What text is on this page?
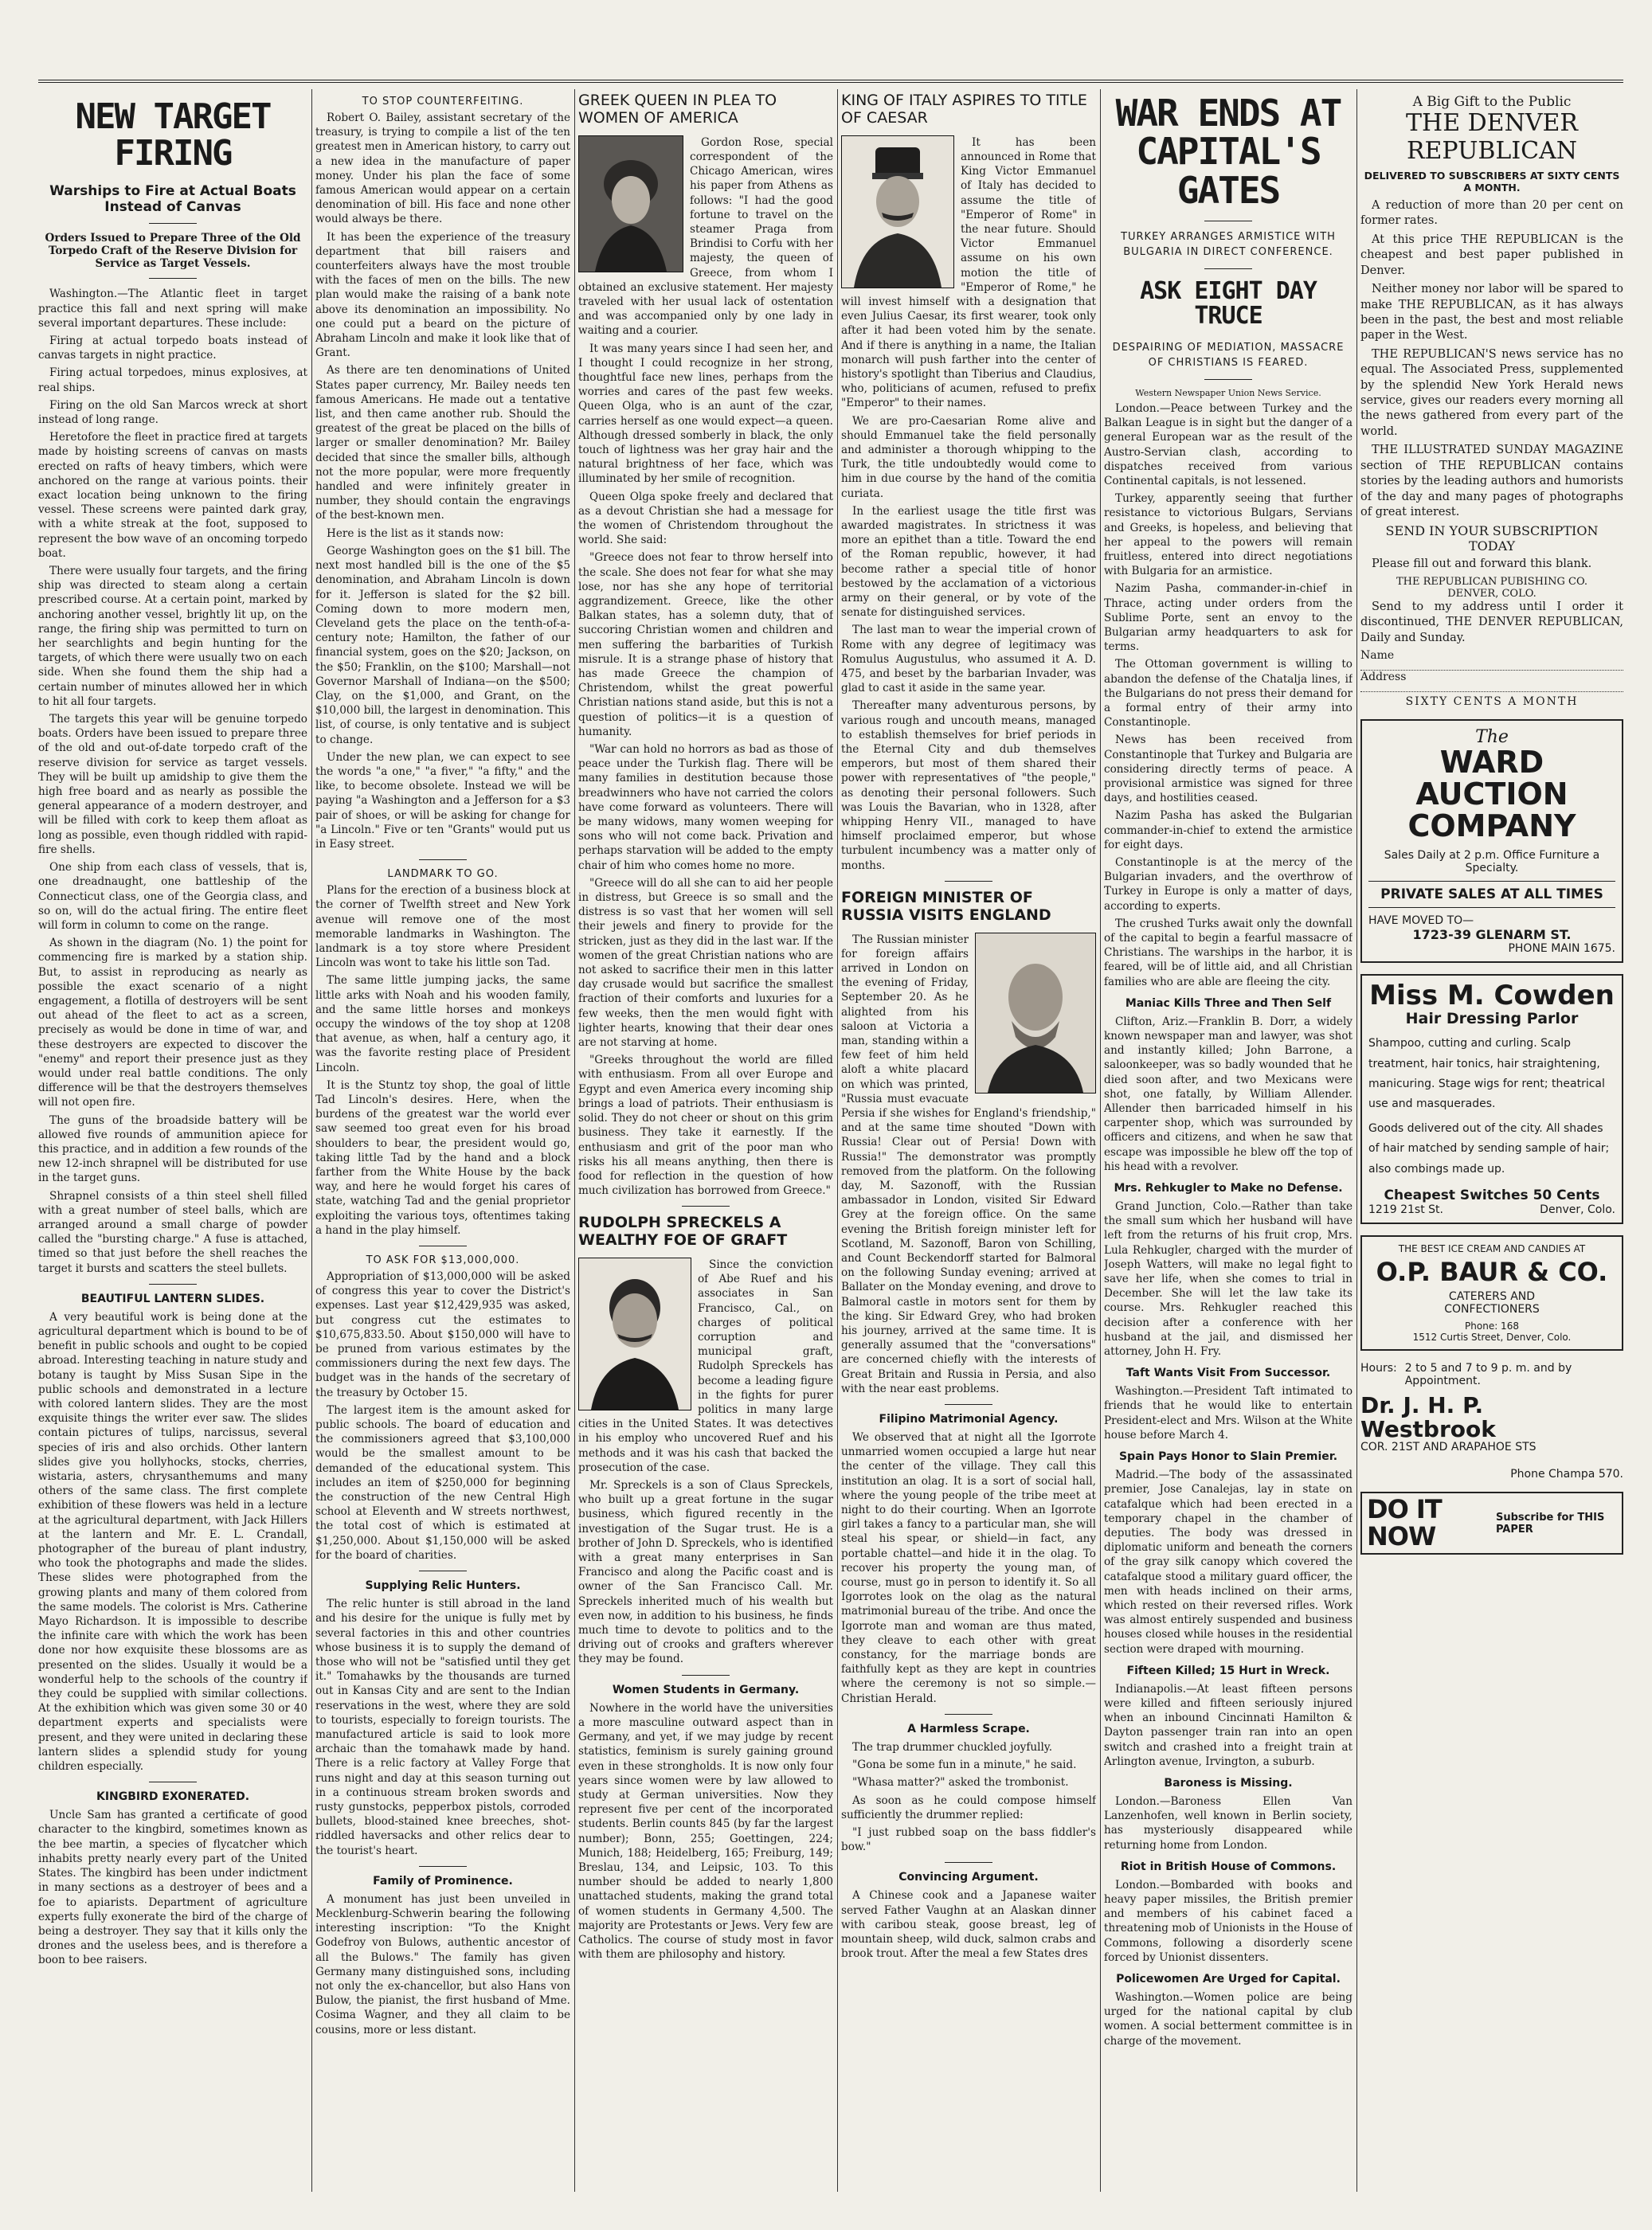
NEW TARGET FIRING
Warships to Fire at Actual Boats Instead of Canvas
Orders Issued to Prepare Three of the Old Torpedo Craft of the Reserve Division for Service as Target Vessels.

Washington.—The Atlantic fleet in target practice this fall and next spring will make several important departures. These include:

Firing at actual torpedo boats instead of canvas targets in night practice.

Firing actual torpedoes, minus explosives, at real ships.

Firing on the old San Marcos wreck at short instead of long range.

Heretofore the fleet in practice fired at targets made by hoisting screens of canvas on masts erected on rafts of heavy timbers, which were anchored on the range at various points. their exact location being unknown to the firing vessel. These screens were painted dark gray, with a white streak at the foot, supposed to represent the bow wave of an oncoming torpedo boat.

There were usually four targets, and the firing ship was directed to steam along a certain prescribed course. At a certain point, marked by anchoring another vessel, brightly lit up, on the range, the firing ship was permitted to turn on her searchlights and begin hunting for the targets, of which there were usually two on each side. When she found them the ship had a certain number of minutes allowed her in which to hit all four targets.

The targets this year will be genuine torpedo boats. Orders have been issued to prepare three of the old and out-of-date torpedo craft of the reserve division for service as target vessels. They will be built up amidship to give them the high free board and as nearly as possible the general appearance of a modern destroyer, and will be filled with cork to keep them afloat as long as possible, even though riddled with rapid-fire shells.

One ship from each class of vessels, that is, one dreadnaught, one battleship of the Connecticut class, one of the Georgia class, and so on, will do the actual firing. The entire fleet will form in column to come on the range.

As shown in the diagram (No. 1) the point for commencing fire is marked by a station ship. But, to assist in reproducing as nearly as possible the exact scenario of a night engagement, a flotilla of destroyers will be sent out ahead of the fleet to act as a screen, precisely as would be done in time of war, and these destroyers are expected to discover the "enemy" and report their presence just as they would under real battle conditions. The only difference will be that the destroyers themselves will not open fire.

The guns of the broadside battery will be allowed five rounds of ammunition apiece for this practice, and in addition a few rounds of the new 12-inch shrapnel will be distributed for use in the target guns.

Shrapnel consists of a thin steel shell filled with a great number of steel balls, which are arranged around a small charge of powder called the "bursting charge." A fuse is attached, timed so that just before the shell reaches the target it bursts and scatters the steel bullets.

BEAUTIFUL LANTERN SLIDES.

A very beautiful work is being done at the agricultural department which is bound to be of benefit in public schools and ought to be copied abroad. Interesting teaching in nature study and botany is taught by Miss Susan Sipe in the public schools and demonstrated in a lecture with colored lantern slides. They are the most exquisite things the writer ever saw. The slides contain pictures of tulips, narcissus, several species of iris and also orchids. Other lantern slides give you hollyhocks, stocks, cherries, wistaria, asters, chrysanthemums and many others of the same class. The first complete exhibition of these flowers was held in a lecture at the agricultural department, with Jack Hillers at the lantern and Mr. E. L. Crandall, photographer of the bureau of plant industry, who took the photographs and made the slides. These slides were photographed from the growing plants and many of them colored from the same models. The colorist is Mrs. Catherine Mayo Richardson. It is impossible to describe the infinite care with which the work has been done nor how exquisite these blossoms are as presented on the slides. Usually it would be a wonderful help to the schools of the country if they could be supplied with similar collections. At the exhibition which was given some 30 or 40 department experts and specialists were present, and they were united in declaring these lantern slides a splendid study for young children especially.

KINGBIRD EXONERATED.

Uncle Sam has granted a certificate of good character to the kingbird, sometimes known as the bee martin, a species of flycatcher which inhabits pretty nearly every part of the United States. The kingbird has been under indictment in many sections as a destroyer of bees and a foe to apiarists. Department of agriculture experts fully exonerate the bird of the charge of being a destroyer. They say that it kills only the drones and the useless bees, and is therefore a boon to bee raisers.

TO STOP COUNTERFEITING.

Robert O. Bailey, assistant secretary of the treasury, is trying to compile a list of the ten greatest men in American history, to carry out a new idea in the manufacture of paper money. Under his plan the face of some famous American would appear on a certain denomination of bill. His face and none other would always be there.

It has been the experience of the treasury department that bill raisers and counterfeiters always have the most trouble with the faces of men on the bills. The new plan would make the raising of a bank note above its denomination an impossibility. No one could put a beard on the picture of Abraham Lincoln and make it look like that of Grant.

As there are ten denominations of United States paper currency, Mr. Bailey needs ten famous Americans. He made out a tentative list, and then came another rub. Should the greatest of the great be placed on the bills of larger or smaller denomination? Mr. Bailey decided that since the smaller bills, although not the more popular, were more frequently handled and were infinitely greater in number, they should contain the engravings of the best-known men.

Here is the list as it stands now:

George Washington goes on the $1 bill. The next most handled bill is the one of the $5 denomination, and Abraham Lincoln is down for it. Jefferson is slated for the $2 bill. Coming down to more modern men, Cleveland gets the place on the tenth-of-a-century note; Hamilton, the father of our financial system, goes on the $20; Jackson, on the $50; Franklin, on the $100; Marshall—not Governor Marshall of Indiana—on the $500; Clay, on the $1,000, and Grant, on the $10,000 bill, the largest in denomination. This list, of course, is only tentative and is subject to change.

Under the new plan, we can expect to see the words "a one," "a fiver," "a fifty," and the like, to become obsolete. Instead we will be paying "a Washington and a Jefferson for a $3 pair of shoes, or will be asking for change for "a Lincoln." Five or ten "Grants" would put us in Easy street.

LANDMARK TO GO.

Plans for the erection of a business block at the corner of Twelfth street and New York avenue will remove one of the most memorable landmarks in Washington. The landmark is a toy store where President Lincoln was wont to take his little son Tad.

The same little jumping jacks, the same little arks with Noah and his wooden family, and the same little horses and monkeys occupy the windows of the toy shop at 1208 that avenue, as when, half a century ago, it was the favorite resting place of President Lincoln.

It is the Stuntz toy shop, the goal of little Tad Lincoln's desires. Here, when the burdens of the greatest war the world ever saw seemed too great even for his broad shoulders to bear, the president would go, taking little Tad by the hand and a block farther from the White House by the back way, and here he would forget his cares of state, watching Tad and the genial proprietor exploiting the various toys, oftentimes taking a hand in the play himself.

TO ASK FOR $13,000,000.

Appropriation of $13,000,000 will be asked of congress this year to cover the District's expenses. Last year $12,429,935 was asked, but congress cut the estimates to $10,675,833.50. About $150,000 will have to be pruned from various estimates by the commissioners during the next few days. The budget was in the hands of the secretary of the treasury by October 15.

The largest item is the amount asked for public schools. The board of education and the commissioners agreed that $3,100,000 would be the smallest amount to be demanded of the educational system. This includes an item of $250,000 for beginning the construction of the new Central High school at Eleventh and W streets northwest, the total cost of which is estimated at $1,250,000. About $1,150,000 will be asked for the board of charities.

Supplying Relic Hunters.

The relic hunter is still abroad in the land and his desire for the unique is fully met by several factories in this and other countries whose business it is to supply the demand of those who will not be "satisfied until they get it." Tomahawks by the thousands are turned out in Kansas City and are sent to the Indian reservations in the west, where they are sold to tourists, especially to foreign tourists. The manufactured article is said to look more archaic than the tomahawk made by hand. There is a relic factory at Valley Forge that runs night and day at this season turning out in a continuous stream broken swords and rusty gunstocks, pepperbox pistols, corroded bullets, blood-stained knee breeches, shot-riddled haversacks and other relics dear to the tourist's heart.

Family of Prominence.

A monument has just been unveiled in Mecklenburg-Schwerin bearing the following interesting inscription: "To the Knight Godefroy von Bulows, authentic ancestor of all the Bulows." The family has given Germany many distinguished sons, including not only the ex-chancellor, but also Hans von Bulow, the pianist, the first husband of Mme. Cosima Wagner, and they all claim to be cousins, more or less distant.

GREEK QUEEN IN PLEA TO WOMEN OF AMERICA

Gordon Rose, special correspondent of the Chicago American, wires his paper from Athens as follows: "I had the good fortune to travel on the steamer Praga from Brindisi to Corfu with her majesty, the queen of Greece, from whom I obtained an exclusive statement. Her majesty traveled with her usual lack of ostentation and was accompanied only by one lady in waiting and a courier.

It was many years since I had seen her, and I thought I could recognize in her strong, thoughtful face new lines, perhaps from the worries and cares of the past few weeks. Queen Olga, who is an aunt of the czar, carries herself as one would expect—a queen. Although dressed somberly in black, the only touch of lightness was her gray hair and the natural brightness of her face, which was illuminated by her smile of recognition.

Queen Olga spoke freely and declared that as a devout Christian she had a message for the women of Christendom throughout the world. She said:

"Greece does not fear to throw herself into the scale. She does not fear for what she may lose, nor has she any hope of territorial aggrandizement. Greece, like the other Balkan states, has a solemn duty, that of succoring Christian women and children and men suffering the barbarities of Turkish misrule. It is a strange phase of history that has made Greece the champion of Christendom, whilst the great powerful Christian nations stand aside, but this is not a question of politics—it is a question of humanity.

"War can hold no horrors as bad as those of peace under the Turkish flag. There will be many families in destitution because those breadwinners who have not carried the colors have come forward as volunteers. There will be many widows, many women weeping for sons who will not come back. Privation and perhaps starvation will be added to the empty chair of him who comes home no more.

"Greece will do all she can to aid her people in distress, but Greece is so small and the distress is so vast that her women will sell their jewels and finery to provide for the stricken, just as they did in the last war. If the women of the great Christian nations who are not asked to sacrifice their men in this latter day crusade would but sacrifice the smallest fraction of their comforts and luxuries for a few weeks, then the men would fight with lighter hearts, knowing that their dear ones are not starving at home.

"Greeks throughout the world are filled with enthusiasm. From all over Europe and Egypt and even America every incoming ship brings a load of patriots. Their enthusiasm is solid. They do not cheer or shout on this grim business. They take it earnestly. If the enthusiasm and grit of the poor man who risks his all means anything, then there is food for reflection in the question of how much civilization has borrowed from Greece."

RUDOLPH SPRECKELS A WEALTHY FOE OF GRAFT

Since the conviction of Abe Ruef and his associates in San Francisco, Cal., on charges of political corruption and municipal graft, Rudolph Spreckels has become a leading figure in the fights for purer politics in many large cities in the United States. It was detectives in his employ who uncovered Ruef and his methods and it was his cash that backed the prosecution of the case.

Mr. Spreckels is a son of Claus Spreckels, who built up a great fortune in the sugar business, which figured recently in the investigation of the Sugar trust. He is a brother of John D. Spreckels, who is identified with a great many enterprises in San Francisco and along the Pacific coast and is owner of the San Francisco Call. Mr. Spreckels inherited much of his wealth but even now, in addition to his business, he finds much time to devote to politics and to the driving out of crooks and grafters wherever they may be found.

Women Students in Germany.

Nowhere in the world have the universities a more masculine outward aspect than in Germany, and yet, if we may judge by recent statistics, feminism is surely gaining ground even in these strongholds. It is now only four years since women were by law allowed to study at German universities. Now they represent five per cent of the incorporated students. Berlin counts 845 (by far the largest number); Bonn, 255; Goettingen, 224; Munich, 188; Heidelberg, 165; Freiburg, 149; Breslau, 134, and Leipsic, 103. To this number should be added to nearly 1,800 unattached students, making the grand total of women students in Germany 4,500. The majority are Protestants or Jews. Very few are Catholics. The course of study most in favor with them are philosophy and history.

KING OF ITALY ASPIRES TO TITLE OF CAESAR

It has been announced in Rome that King Victor Emmanuel of Italy has decided to assume the title of "Emperor of Rome" in the near future. Should Victor Emmanuel assume on his own motion the title of "Emperor of Rome," he will invest himself with a designation that even Julius Caesar, its first wearer, took only after it had been voted him by the senate. And if there is anything in a name, the Italian monarch will push farther into the center of history's spotlight than Tiberius and Claudius, who, politicians of acumen, refused to prefix "Emperor" to their names.

We are pro-Caesarian Rome alive and should Emmanuel take the field personally and administer a thorough whipping to the Turk, the title undoubtedly would come to him in due course by the hand of the comitia curiata.

In the earliest usage the title first was awarded magistrates. In strictness it was more an epithet than a title. Toward the end of the Roman republic, however, it had become rather a special title of honor bestowed by the acclamation of a victorious army on their general, or by vote of the senate for distinguished services.

The last man to wear the imperial crown of Rome with any degree of legitimacy was Romulus Augustulus, who assumed it A. D. 475, and beset by the barbarian Invader, was glad to cast it aside in the same year.

Thereafter many adventurous persons, by various rough and uncouth means, managed to establish themselves for brief periods in the Eternal City and dub themselves emperors, but most of them shared their power with representatives of "the people," as denoting their personal followers. Such was Louis the Bavarian, who in 1328, after whipping Henry VII., managed to have himself proclaimed emperor, but whose turbulent incumbency was a matter only of months.

FOREIGN MINISTER OF RUSSIA VISITS ENGLAND

The Russian minister for foreign affairs arrived in London on the evening of Friday, September 20. As he alighted from his saloon at Victoria a man, standing within a few feet of him held aloft a white placard on which was printed, "Russia must evacuate Persia if she wishes for England's friendship," and at the same time shouted "Down with Russia! Clear out of Persia! Down with Russia!" The demonstrator was promptly removed from the platform. On the following day, M. Sazonoff, with the Russian ambassador in London, visited Sir Edward Grey at the foreign office. On the same evening the British foreign minister left for Scotland, M. Sazonoff, Baron von Schilling, and Count Beckendorff started for Balmoral on the following Sunday evening; arrived at Ballater on the Monday evening, and drove to Balmoral castle in motors sent for them by the king. Sir Edward Grey, who had broken his journey, arrived at the same time. It is generally assumed that the "conversations" are concerned chiefly with the interests of Great Britain and Russia in Persia, and also with the near east problems.

Filipino Matrimonial Agency.

We observed that at night all the Igorrote unmarried women occupied a large hut near the center of the village. They call this institution an olag. It is a sort of social hall, where the young people of the tribe meet at night to do their courting. When an Igorrote girl takes a fancy to a particular man, she will steal his spear, or shield—in fact, any portable chattel—and hide it in the olag. To recover his property the young man, of course, must go in person to identify it. So all Igorrotes look on the olag as the natural matrimonial bureau of the tribe. And once the Igorrote man and woman are thus mated, they cleave to each other with great constancy, for the marriage bonds are faithfully kept as they are kept in countries where the ceremony is not so simple.—Christian Herald.

A Harmless Scrape.

The trap drummer chuckled joyfully.

"Gona be some fun in a minute," he said.

"Whasa matter?" asked the trombonist.

As soon as he could compose himself sufficiently the drummer replied:

"I just rubbed soap on the bass fiddler's bow."

Convincing Argument.

A Chinese cook and a Japanese waiter served Father Vaughn at an Alaskan dinner with caribou steak, goose breast, leg of mountain sheep, wild duck, salmon crabs and brook trout. After the meal a few States dres

WAR ENDS AT CAPITAL'S GATES
TURKEY ARRANGES ARMISTICE WITH BULGARIA IN DIRECT CONFERENCE.
ASK EIGHT DAY TRUCE
DESPAIRING OF MEDIATION, MASSACRE OF CHRISTIANS IS FEARED.
Western Newspaper Union News Service.

London.—Peace between Turkey and the Balkan League is in sight but the danger of a general European war as the result of the Austro-Servian clash, according to dispatches received from various Continental capitals, is not lessened.

Turkey, apparently seeing that further resistance to victorious Bulgars, Servians and Greeks, is hopeless, and believing that her appeal to the powers will remain fruitless, entered into direct negotiations with Bulgaria for an armistice.

Nazim Pasha, commander-in-chief in Thrace, acting under orders from the Sublime Porte, sent an envoy to the Bulgarian army headquarters to ask for terms.

The Ottoman government is willing to abandon the defense of the Chatalja lines, if the Bulgarians do not press their demand for a formal entry of their army into Constantinople.

News has been received from Constantinople that Turkey and Bulgaria are considering directly terms of peace. A provisional armistice was signed for three days, and hostilities ceased.

Nazim Pasha has asked the Bulgarian commander-in-chief to extend the armistice for eight days.

Constantinople is at the mercy of the Bulgarian invaders, and the overthrow of Turkey in Europe is only a matter of days, according to experts.

The crushed Turks await only the downfall of the capital to begin a fearful massacre of Christians. The warships in the harbor, it is feared, will be of little aid, and all Christian families who are able are fleeing the city.

Maniac Kills Three and Then Self

Clifton, Ariz.—Franklin B. Dorr, a widely known newspaper man and lawyer, was shot and instantly killed; John Barrone, a saloonkeeper, was so badly wounded that he died soon after, and two Mexicans were shot, one fatally, by William Allender. Allender then barricaded himself in his carpenter shop, which was surrounded by officers and citizens, and when he saw that escape was impossible he blew off the top of his head with a revolver.

Mrs. Rehkugler to Make no Defense.

Grand Junction, Colo.—Rather than take the small sum which her husband will have left from the returns of his fruit crop, Mrs. Lula Rehkugler, charged with the murder of Joseph Watters, will make no legal fight to save her life, when she comes to trial in December. She will let the law take its course. Mrs. Rehkugler reached this decision after a conference with her husband at the jail, and dismissed her attorney, John H. Fry.

Taft Wants Visit From Successor.

Washington.—President Taft intimated to friends that he would like to entertain President-elect and Mrs. Wilson at the White house before March 4.

Spain Pays Honor to Slain Premier.

Madrid.—The body of the assassinated premier, Jose Canalejas, lay in state on catafalque which had been erected in a temporary chapel in the chamber of deputies. The body was dressed in diplomatic uniform and beneath the corners of the gray silk canopy which covered the catafalque stood a military guard officer, the men with heads inclined on their arms, which rested on their reversed rifles. Work was almost entirely suspended and business houses closed while houses in the residential section were draped with mourning.

Fifteen Killed; 15 Hurt in Wreck.

Indianapolis.—At least fifteen persons were killed and fifteen seriously injured when an inbound Cincinnati Hamilton & Dayton passenger train ran into an open switch and crashed into a freight train at Arlington avenue, Irvington, a suburb.

Baroness is Missing.

London.—Baroness Ellen Van Lanzenhofen, well known in Berlin society, has mysteriously disappeared while returning home from London.

Riot in British House of Commons.

London.—Bombarded with books and heavy paper missiles, the British premier and members of his cabinet faced a threatening mob of Unionists in the House of Commons, following a disorderly scene forced by Unionist dissenters.

Policewomen Are Urged for Capital.

Washington.—Women police are being urged for the national capital by club women. A social betterment committee is in charge of the movement.

A Big Gift to the Public
THE DENVER REPUBLICAN
DELIVERED TO SUBSCRIBERS AT SIXTY CENTS A MONTH.

A reduction of more than 20 per cent on former rates.

At this price THE REPUBLICAN is the cheapest and best paper published in Denver.

Neither money nor labor will be spared to make THE REPUBLICAN, as it has always been in the past, the best and most reliable paper in the West.

THE REPUBLICAN'S news service has no equal. The Associated Press, supplemented by the splendid New York Herald news service, gives our readers every morning all the news gathered from every part of the world.

THE ILLUSTRATED SUNDAY MAGAZINE section of THE REPUBLICAN contains stories by the leading authors and humorists of the day and many pages of photographs of great interest.

SEND IN YOUR SUBSCRIPTION TODAY

Please fill out and forward this blank.

THE REPUBLICAN PUBISHING CO.
DENVER, COLO.

Send to my address until I order it discontinued, THE DENVER REPUBLICAN, Daily and Sunday.

Name
Address
SIXTY CENTS A MONTH
The
WARD AUCTION COMPANY
Sales Daily at 2 p.m. Office Furniture a Specialty.
PRIVATE SALES AT ALL TIMES
HAVE MOVED TO—
1723-39 GLENARM ST.
PHONE MAIN 1675.
Miss M. Cowden
Hair Dressing Parlor
Shampoo, cutting and curling. Scalp treatment, hair tonics, hair straightening, manicuring. Stage wigs for rent; theatrical use and masquerades.
Goods delivered out of the city. All shades of hair matched by sending sample of hair; also combings made up.
Cheapest Switches 50 Cents
1219 21st St.	Denver, Colo.
THE BEST ICE CREAM AND CANDIES AT
O.P. BAUR & CO.
CATERERS AND
CONFECTIONERS
Phone: 168
1512 Curtis Street, Denver, Colo.
Hours: 2 to 5 and 7 to 9 p. m. and by Appointment.
Dr. J. H. P. Westbrook
COR. 21ST AND ARAPAHOE STS
Phone Champa 570.
DO IT NOW
Subscribe for THIS PAPER
